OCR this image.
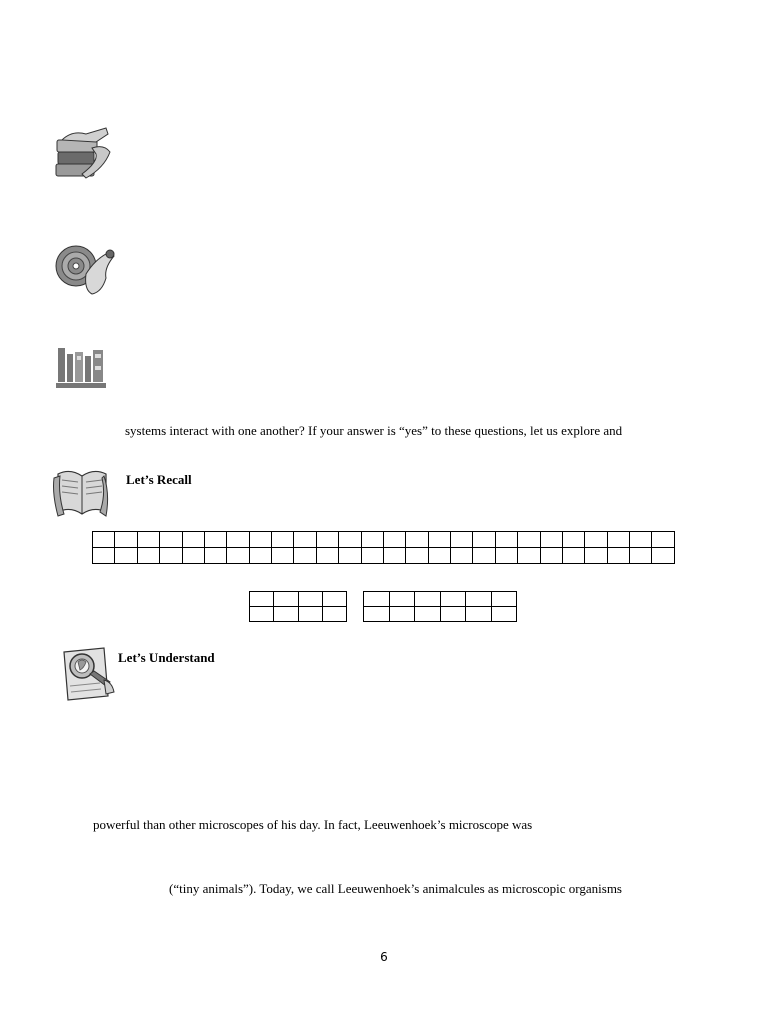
systems interact with one another? If your answer is “yes” to these questions, let us explore and
Let’s Recall

Let’s Understand
powerful than other microscopes of his day. In fact, Leeuwenhoek’s microscope was
(“tiny animals”). Today, we call Leeuwenhoek’s animalcules as microscopic organisms
6
